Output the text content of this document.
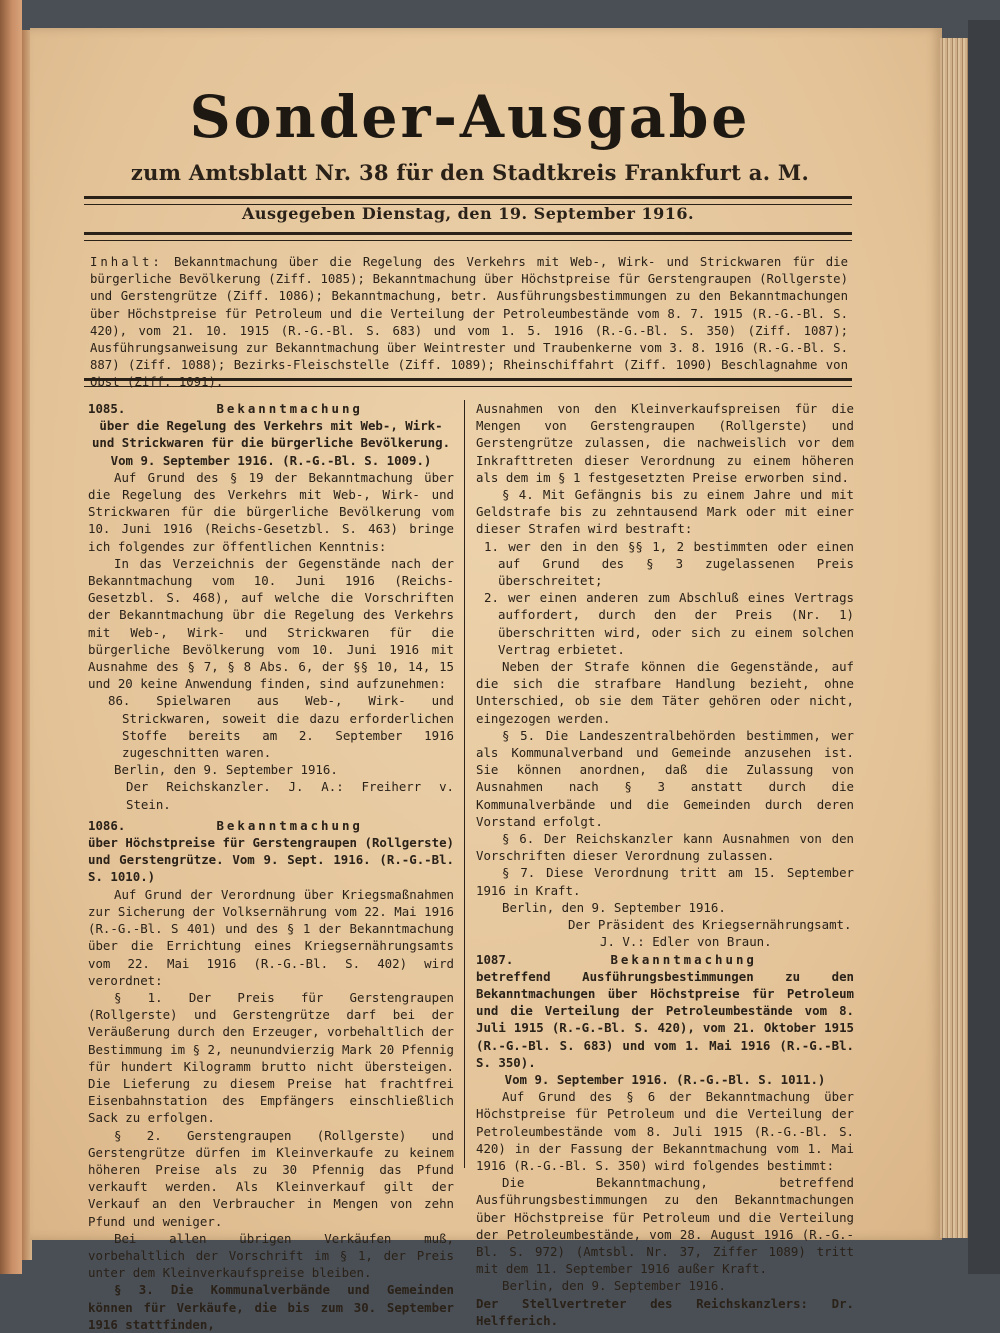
Sonder-Ausgabe
zum Amtsblatt Nr. 38 für den Stadtkreis Frankfurt a. M.
Ausgegeben Dienstag, den 19. September 1916.
Inhalt: Bekanntmachung über die Regelung des Verkehrs mit Web-, Wirk- und Strickwaren für die bürgerliche Bevölkerung (Ziff. 1085); Bekanntmachung über Höchstpreise für Gerstengraupen (Rollgerste) und Gerstengrütze (Ziff. 1086); Bekanntmachung, betr. Ausführungsbestimmungen zu den Bekanntmachungen über Höchstpreise für Petroleum und die Verteilung der Petroleumbestände vom 8. 7. 1915 (R.-G.-Bl. S. 420), vom 21. 10. 1915 (R.-G.-Bl. S. 683) und vom 1. 5. 1916 (R.-G.-Bl. S. 350) (Ziff. 1087); Ausführungsanweisung zur Bekanntmachung über Weintrester und Traubenkerne vom 3. 8. 1916 (R.-G.-Bl. S. 887) (Ziff. 1088); Bezirks-Fleischstelle (Ziff. 1089); Rheinschiffahrt (Ziff. 1090) Beschlagnahme von Obst (Ziff. 1091).
1085.	Bekanntmachung

über die Regelung des Verkehrs mit Web-, Wirk- und Strickwaren für die bürgerliche Bevölkerung.

Vom 9. September 1916. (R.-G.-Bl. S. 1009.)

Auf Grund des § 19 der Bekanntmachung über die Regelung des Verkehrs mit Web-, Wirk- und Strickwaren für die bürgerliche Bevölkerung vom 10. Juni 1916 (Reichs-Gesetzbl. S. 463) bringe ich folgendes zur öffentlichen Kenntnis:

In das Verzeichnis der Gegenstände nach der Bekanntmachung vom 10. Juni 1916 (Reichs-Gesetzbl. S. 468), auf welche die Vorschriften der Bekanntmachung übr die Regelung des Verkehrs mit Web-, Wirk- und Strickwaren für die bürgerliche Bevölkerung vom 10. Juni 1916 mit Ausnahme des § 7, § 8 Abs. 6, der §§ 10, 14, 15 und 20 keine Anwendung finden, sind aufzunehmen:

86. Spielwaren aus Web-, Wirk- und Strickwaren, soweit die dazu erforderlichen Stoffe bereits am 2. September 1916 zugeschnitten waren.

Berlin, den 9. September 1916.

Der Reichskanzler. J. A.: Freiherr v. Stein.

1086.	Bekanntmachung

über Höchstpreise für Gerstengraupen (Rollgerste) und Gerstengrütze. Vom 9. Sept. 1916. (R.-G.-Bl. S. 1010.)

Auf Grund der Verordnung über Kriegsmaßnahmen zur Sicherung der Volksernährung vom 22. Mai 1916 (R.-G.-Bl. S 401) und des § 1 der Bekanntmachung über die Errichtung eines Kriegsernährungsamts vom 22. Mai 1916 (R.-G.-Bl. S. 402) wird verordnet:

§ 1. Der Preis für Gerstengraupen (Rollgerste) und Gerstengrütze darf bei der Veräußerung durch den Erzeuger, vorbehaltlich der Bestimmung im § 2, neunundvierzig Mark 20 Pfennig für hundert Kilogramm brutto nicht übersteigen. Die Lieferung zu diesem Preise hat frachtfrei Eisenbahnstation des Empfängers einschließlich Sack zu erfolgen.

§ 2. Gerstengraupen (Rollgerste) und Gerstengrütze dürfen im Kleinverkaufe zu keinem höheren Preise als zu 30 Pfennig das Pfund verkauft werden. Als Kleinverkauf gilt der Verkauf an den Verbraucher in Mengen von zehn Pfund und weniger.

Bei allen übrigen Verkäufen muß, vorbehaltlich der Vorschrift im § 1, der Preis unter dem Kleinverkaufspreise bleiben.

§ 3. Die Kommunalverbände und Gemeinden können für Verkäufe, die bis zum 30. September 1916 stattfinden,

Ausnahmen von den Kleinverkaufspreisen für die Mengen von Gerstengraupen (Rollgerste) und Gerstengrütze zulassen, die nachweislich vor dem Inkrafttreten dieser Verordnung zu einem höheren als dem im § 1 festgesetzten Preise erworben sind.

§ 4. Mit Gefängnis bis zu einem Jahre und mit Geldstrafe bis zu zehntausend Mark oder mit einer dieser Strafen wird bestraft:

1. wer den in den §§ 1, 2 bestimmten oder einen auf Grund des § 3 zugelassenen Preis überschreitet;

2. wer einen anderen zum Abschluß eines Vertrags auffordert, durch den der Preis (Nr. 1) überschritten wird, oder sich zu einem solchen Vertrag erbietet.

Neben der Strafe können die Gegenstände, auf die sich die strafbare Handlung bezieht, ohne Unterschied, ob sie dem Täter gehören oder nicht, eingezogen werden.

§ 5. Die Landeszentralbehörden bestimmen, wer als Kommunalverband und Gemeinde anzusehen ist. Sie können anordnen, daß die Zulassung von Ausnahmen nach § 3 anstatt durch die Kommunalverbände und die Gemeinden durch deren Vorstand erfolgt.

§ 6. Der Reichskanzler kann Ausnahmen von den Vorschriften dieser Verordnung zulassen.

§ 7. Diese Verordnung tritt am 15. September 1916 in Kraft.

Berlin, den 9. September 1916.

Der Präsident des Kriegsernährungsamt.

J. V.: Edler von Braun.

1087.	Bekanntmachung

betreffend Ausführungsbestimmungen zu den Bekanntmachungen über Höchstpreise für Petroleum und die Verteilung der Petroleumbestände vom 8. Juli 1915 (R.-G.-Bl. S. 420), vom 21. Oktober 1915 (R.-G.-Bl. S. 683) und vom 1. Mai 1916 (R.-G.-Bl. S. 350).

Vom 9. September 1916. (R.-G.-Bl. S. 1011.)

Auf Grund des § 6 der Bekanntmachung über Höchstpreise für Petroleum und die Verteilung der Petroleumbestände vom 8. Juli 1915 (R.-G.-Bl. S. 420) in der Fassung der Bekanntmachung vom 1. Mai 1916 (R.-G.-Bl. S. 350) wird folgendes bestimmt:

Die Bekanntmachung, betreffend Ausführungsbestimmungen zu den Bekanntmachungen über Höchstpreise für Petroleum und die Verteilung der Petroleumbestände, vom 28. August 1916 (R.-G.-Bl. S. 972) (Amtsbl. Nr. 37, Ziffer 1089) tritt mit dem 11. September 1916 außer Kraft.

Berlin, den 9. September 1916.

Der Stellvertreter des Reichskanzlers: Dr. Helfferich.
